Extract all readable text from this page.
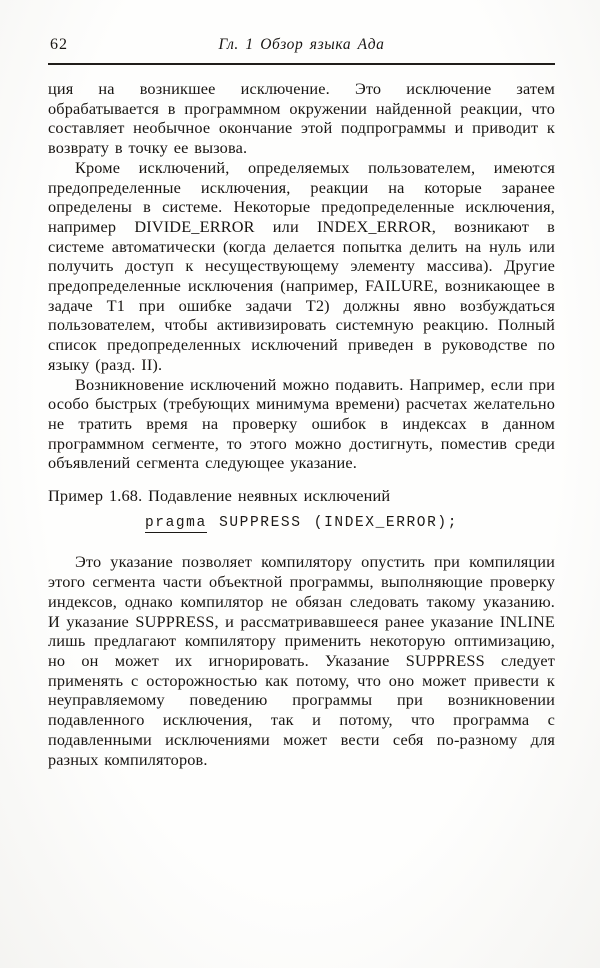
62	Гл. 1 Обзор языка Ада

ция на возникшее исключение. Это исключение затем обрабатывается в программном окружении найденной реакции, что составляет необычное окончание этой подпрограммы и приводит к возврату в точку ее вызова.

Кроме исключений, определяемых пользователем, имеются предопределенные исключения, реакции на которые заранее определены в системе. Некоторые предопределенные исключения, например DIVIDE_ERROR или INDEX_ERROR, возникают в системе автоматически (когда делается попытка делить на нуль или получить доступ к несуществующему элементу массива). Другие предопределенные исключения (например, FAILURE, возникающее в задаче T1 при ошибке задачи T2) должны явно возбуждаться пользователем, чтобы активизировать системную реакцию. Полный список предопределенных исключений приведен в руководстве по языку (разд. II).

Возникновение исключений можно подавить. Например, если при особо быстрых (требующих минимума времени) расчетах желательно не тратить время на проверку ошибок в индексах в данном программном сегменте, то этого можно достигнуть, поместив среди объявлений сегмента следующее указание.

Пример 1.68. Подавление неявных исключений

pragma SUPPRESS (INDEX_ERROR);

Это указание позволяет компилятору опустить при компиляции этого сегмента части объектной программы, выполняющие проверку индексов, однако компилятор не обязан следовать такому указанию. И указание SUPPRESS, и рассматривавшееся ранее указание INLINE лишь предлагают компилятору применить некоторую оптимизацию, но он может их игнорировать. Указание SUPPRESS следует применять с осторожностью как потому, что оно может привести к неуправляемому поведению программы при возникновении подавленного исключения, так и потому, что программа с подавленными исключениями может вести себя по-разному для разных компиляторов.
